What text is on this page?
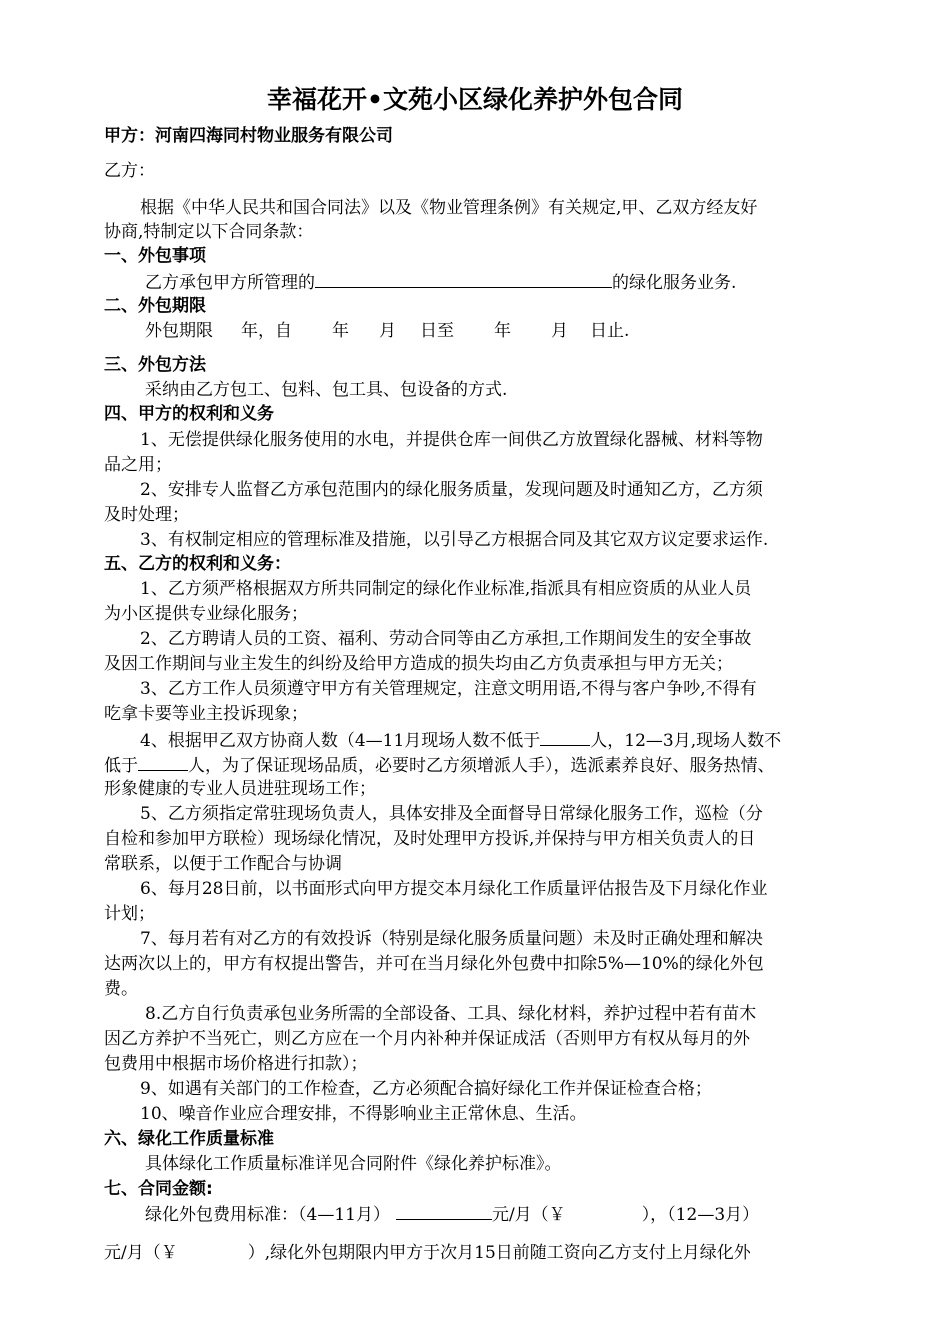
幸福花开•文苑小区绿化养护外包合同
甲方：河南四海同村物业服务有限公司
乙方：
根据《中华人民共和国合同法》以及《物业管理条例》有关规定,甲、乙双方经友好
协商,特制定以下合同条款：
一、外包事项
乙方承包甲方所管理的	的绿化服务业务.
二、外包期限
外包期限 年，自 年 月 日至 年 月 日止.
三、外包方法
采纳由乙方包工、包料、包工具、包设备的方式.
四、甲方的权利和义务
1、无偿提供绿化服务使用的水电，并提供仓库一间供乙方放置绿化器械、材料等物
品之用；
2、安排专人监督乙方承包范围内的绿化服务质量，发现问题及时通知乙方，乙方须
及时处理；
3、有权制定相应的管理标准及措施，以引导乙方根据合同及其它双方议定要求运作.
五、乙方的权利和义务：
1、乙方须严格根据双方所共同制定的绿化作业标准,指派具有相应资质的从业人员
为小区提供专业绿化服务；
2、乙方聘请人员的工资、福利、劳动合同等由乙方承担,工作期间发生的安全事故
及因工作期间与业主发生的纠纷及给甲方造成的损失均由乙方负责承担与甲方无关；
3、乙方工作人员须遵守甲方有关管理规定，注意文明用语,不得与客户争吵,不得有
吃拿卡要等业主投诉现象；
4、根据甲乙双方协商人数（4—11月现场人数不低于	人，12—3月,现场人数不
低于	人，为了保证现场品质，必要时乙方须增派人手），选派素养良好、服务热情、
形象健康的专业人员进驻现场工作；
5、乙方须指定常驻现场负责人，具体安排及全面督导日常绿化服务工作，巡检（分
自检和参加甲方联检）现场绿化情况，及时处理甲方投诉,并保持与甲方相关负责人的日
常联系，以便于工作配合与协调
6、每月28日前，以书面形式向甲方提交本月绿化工作质量评估报告及下月绿化作业
计划；
7、每月若有对乙方的有效投诉（特别是绿化服务质量问题）未及时正确处理和解决
达两次以上的，甲方有权提出警告，并可在当月绿化外包费中扣除5%—10%的绿化外包
费。
8.乙方自行负责承包业务所需的全部设备、工具、绿化材料，养护过程中若有苗木
因乙方养护不当死亡，则乙方应在一个月内补种并保证成活（否则甲方有权从每月的外
包费用中根据市场价格进行扣款）；
9、如遇有关部门的工作检查，乙方必须配合搞好绿化工作并保证检查合格；
10、噪音作业应合理安排，不得影响业主正常休息、生活。
六、绿化工作质量标准
具体绿化工作质量标准详见合同附件《绿化养护标准》。
七、合同金额:
绿化外包费用标准：（4—11月）	元/月（￥	），（12—3月）
元/月（￥	）,绿化外包期限内甲方于次月15日前随工资向乙方支付上月绿化外
